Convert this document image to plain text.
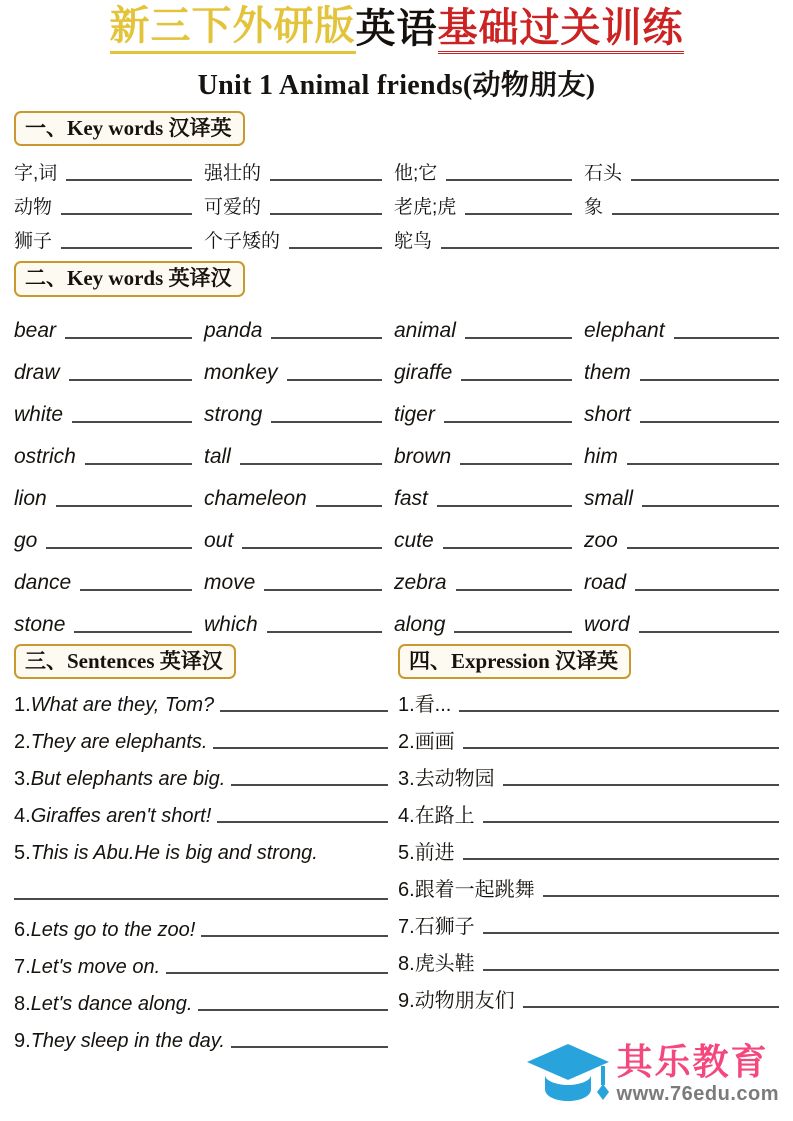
新三下外研版英语基础过关训练
Unit 1 Animal friends(动物朋友)
一、Key words 汉译英
字,词	强壮的	他;它	石头
动物	可爱的	老虎;虎	象
狮子	个子矮的	鸵鸟
二、Key words 英译汉
bear	panda	animal	elephant
draw	monkey	giraffe	them
white	strong	tiger	short
ostrich	tall	brown	him
lion	chameleon	fast	small
go	out	cute	zoo
dance	move	zebra	road
stone	which	along	word
三、Sentences 英译汉
1. What are they, Tom?
2. They are elephants.
3. But elephants are big.
4. Giraffes aren't short!
5. This is Abu.He is big and strong.
6. Lets go to the zoo!
7. Let's move on.
8. Let's dance along.
9. They sleep in the day.
四、Expression 汉译英
1. 看...
2. 画画
3. 去动物园
4. 在路上
5. 前进
6. 跟着一起跳舞
7. 石狮子
8. 虎头鞋
9. 动物朋友们
其乐教育
www.76edu.com
